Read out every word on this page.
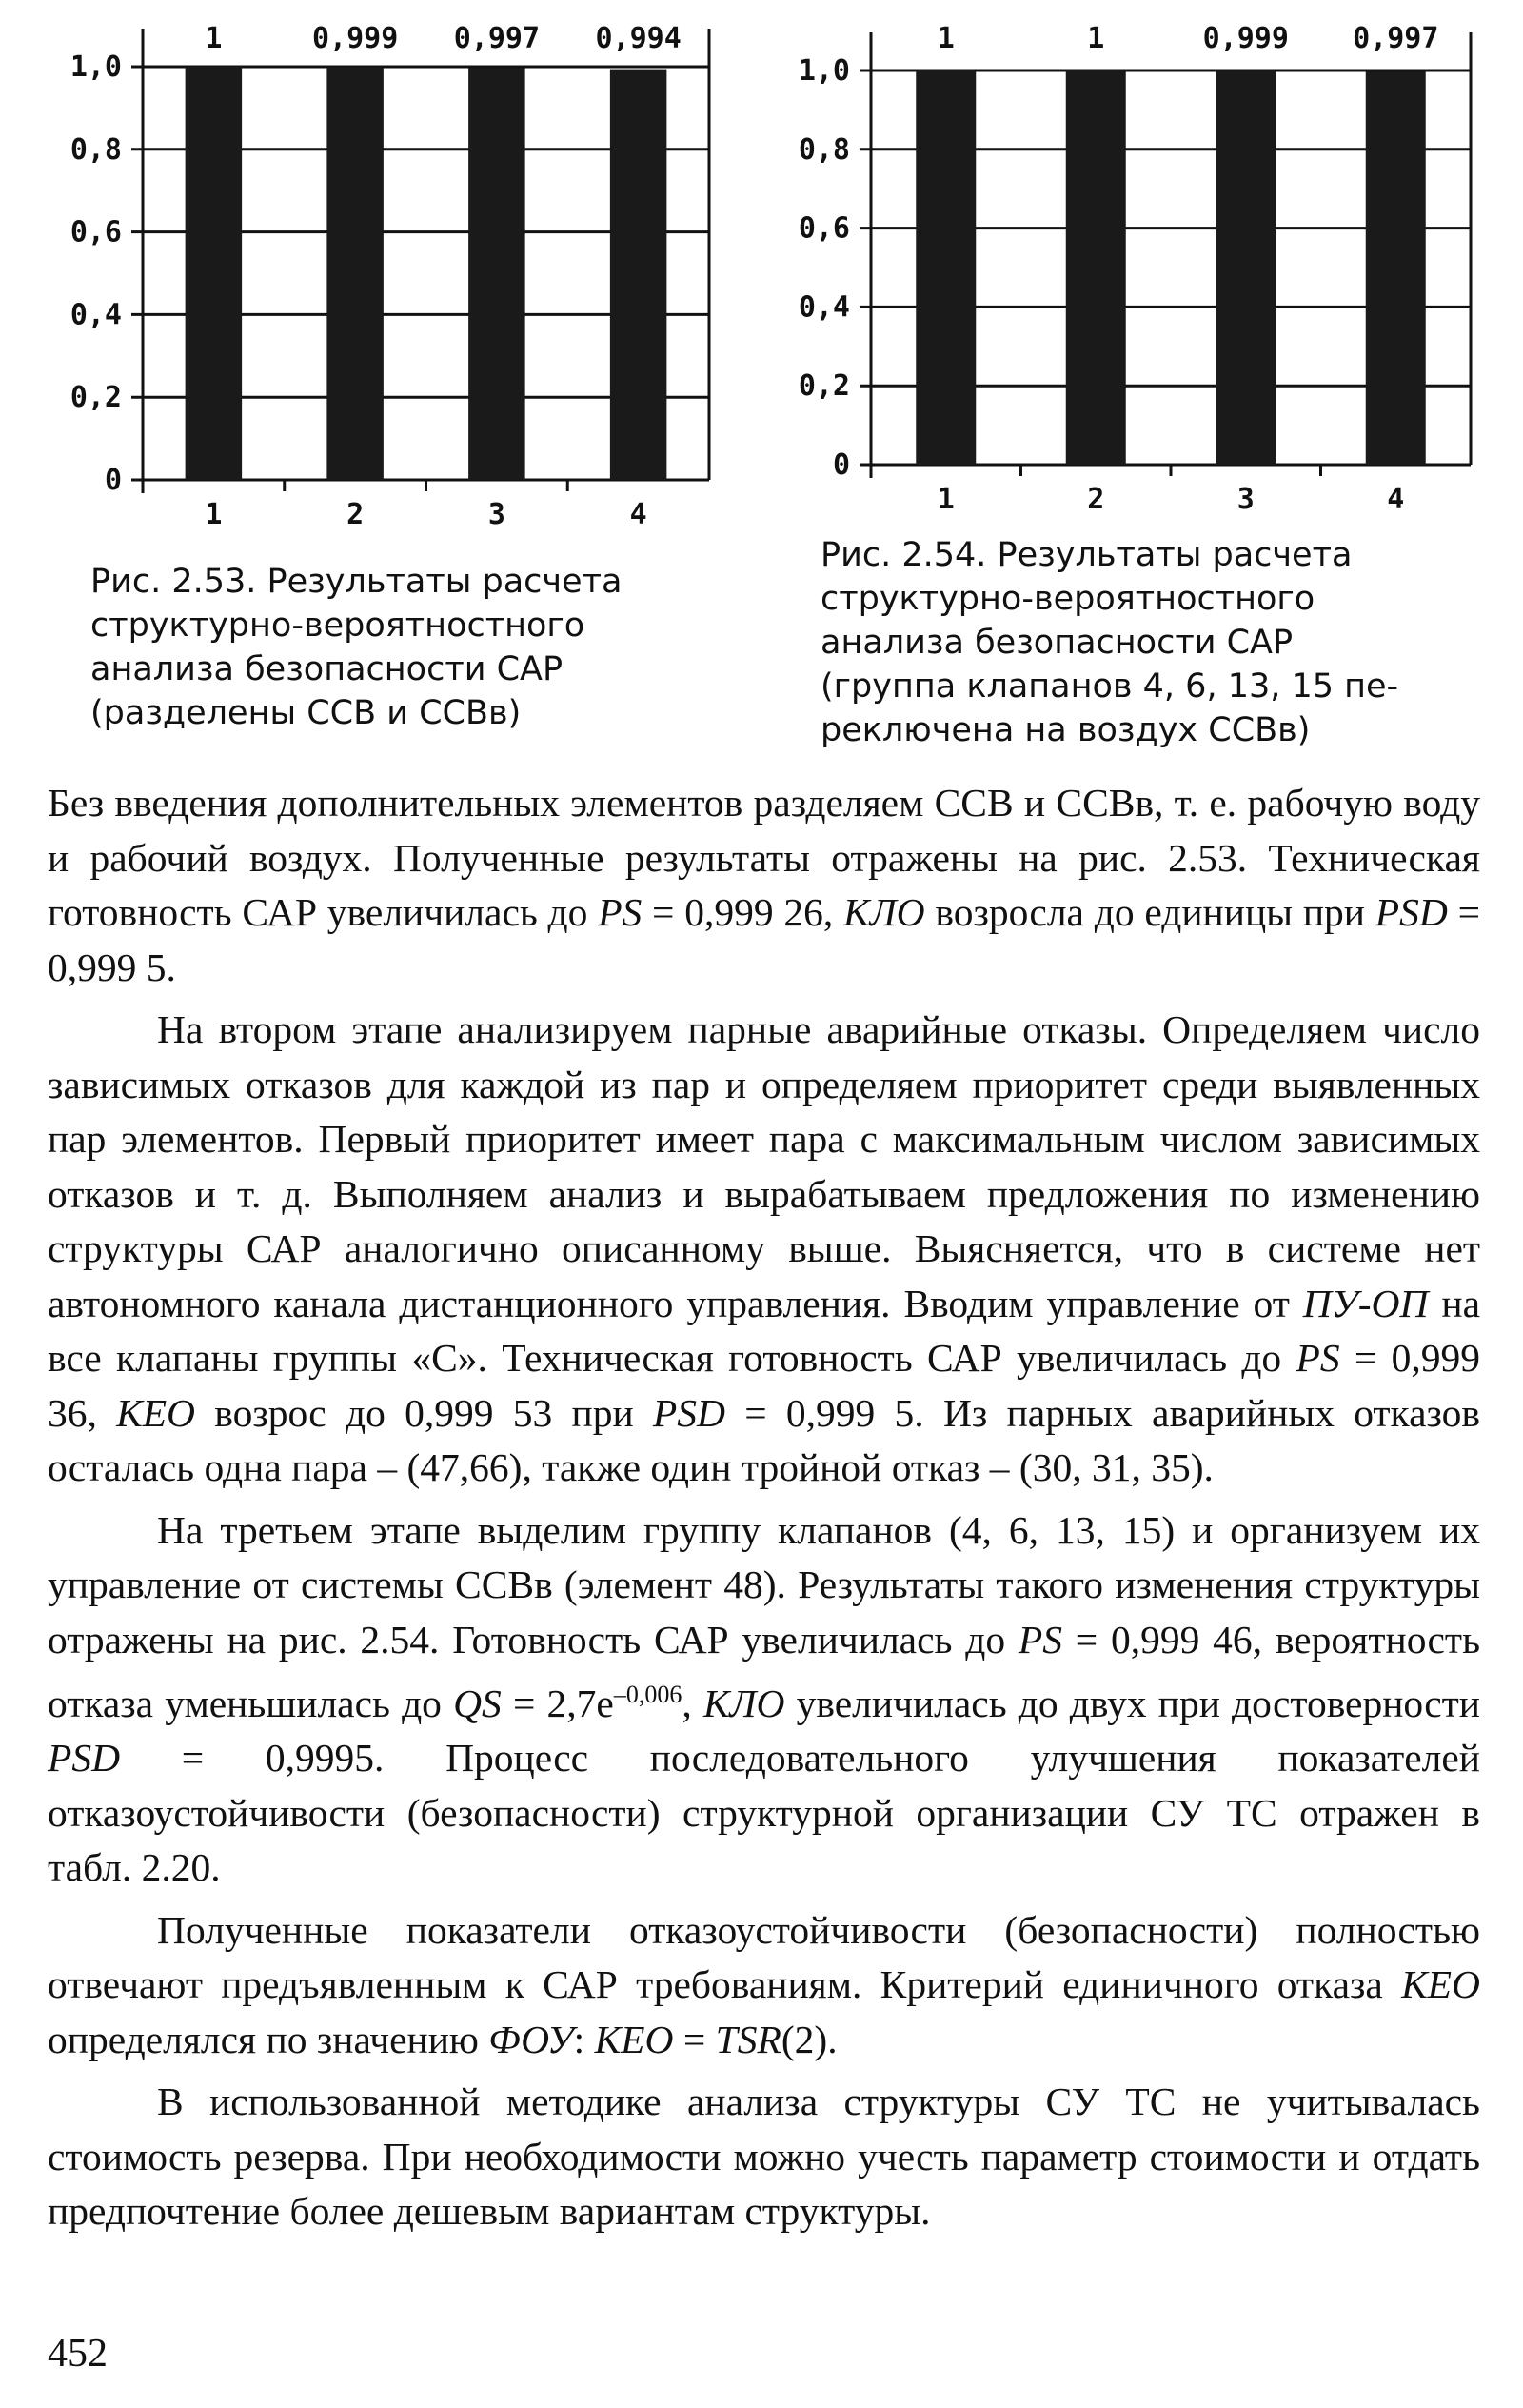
0
0,2
0,4
0,6
0,8
1,0
1
1
2
0,999
3
0,997
4
0,994
Рис. 2.53. Результаты расчета
структурно-вероятностного
анализа безопасности САР
(разделены ССВ и ССВв)
0
0,2
0,4
0,6
0,8
1,0
1
1
2
1
3
0,999
4
0,997
Рис. 2.54. Результаты расчета
структурно-вероятностного
анализа безопасности САР
(группа клапанов 4, 6, 13, 15 пе-
реключена на воздух ССВв)

Без введения дополнительных элементов разделяем ССВ и ССВв, т. е. рабочую воду и рабочий воздух. Полученные результаты отражены на рис. 2.53. Техническая готовность САР увеличилась до PS = 0,999 26, КЛО возросла до единицы при PSD = 0,999 5.

На втором этапе анализируем парные аварийные отказы. Определяем число зависимых отказов для каждой из пар и определяем приоритет среди выявленных пар элементов. Первый приоритет имеет пара с максимальным числом зависимых отказов и т. д. Выполняем анализ и вырабатываем предложения по изменению структуры САР аналогично описанному выше. Выясняется, что в системе нет автономного канала дистанционного управления. Вводим управление от ПУ-ОП на все клапаны группы «С». Техническая готовность САР увеличилась до PS = 0,999 36, КЕО возрос до 0,999 53 при PSD = 0,999 5. Из парных аварийных отказов осталась одна пара – (47,66), также один тройной отказ – (30, 31, 35).

На третьем этапе выделим группу клапанов (4, 6, 13, 15) и организуем их управление от системы ССВв (элемент 48). Результаты такого изменения структуры отражены на рис. 2.54. Готовность САР увеличилась до PS = 0,999 46, вероятность отказа уменьшилась до QS = $2,7e^{-0,006}$, КЛО увеличилась до двух при достоверности PSD = 0,9995. Процесс последовательного улучшения показателей отказоустойчивости (безопасности) структурной организации СУ ТС отражен в табл. 2.20.

Полученные показатели отказоустойчивости (безопасности) полностью отвечают предъявленным к САР требованиям. Критерий единичного отказа КЕО определялся по значению ФОУ: КЕО = TSR(2).

В использованной методике анализа структуры СУ ТС не учитывалась стоимость резерва. При необходимости можно учесть параметр стоимости и отдать предпочтение более дешевым вариантам структуры.

452
